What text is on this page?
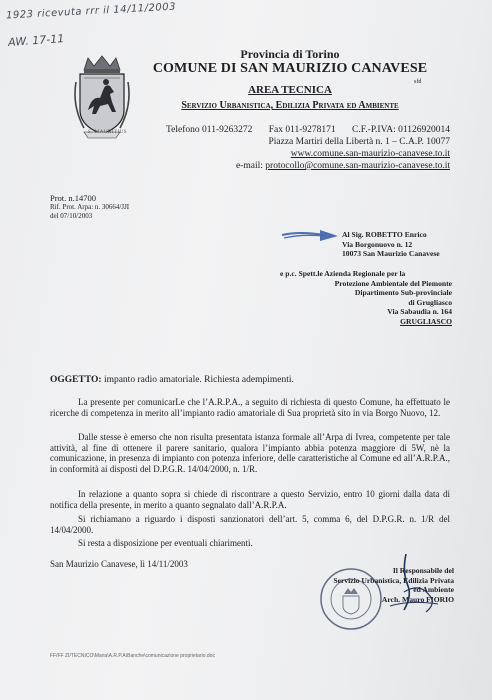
1923 ricevuta rrr il 14/11/2003
AW. 17-11
S. MAURITIUS
Provincia di Torino
COMUNE DI SAN MAURIZIO CANAVESE
sfd
AREA TECNICA
Servizio Urbanistica, Edilizia Privata ed Ambiente
Telefono 011-9263272 Fax 011-9278171 C.F.-P.IVA: 01126920014
Piazza Martiri della Libertà n. 1 – C.A.P. 10077
www.comune.san-maurizio-canavese.to.it
e-mail: protocollo@comune.san-maurizio-canavese.to.it
Prot. n.14700
Rif. Prot. Arpa: n. 30664/JJI
del 07/10/2003
Al Sig. ROBETTO Enrico
Via Borgonuovo n. 12
10073 San Maurizio Canavese
e p.c. Spett.le Azienda Regionale per la
Protezione Ambientale del Piemonte
Dipartimento Sub-provinciale
di Grugliasco
Via Sabaudia n. 164
GRUGLIASCO
OGGETTO: impanto radio amatoriale. Richiesta adempimenti.
La presente per comunicarLe che l’A.R.P.A., a seguito di richiesta di questo Comune, ha effettuato le ricerche di competenza in merito all’impianto radio amatoriale di Sua proprietà sito in via Borgo Nuovo, 12.
Dalle stesse è emerso che non risulta presentata istanza formale all’Arpa di Ivrea, competente per tale attività, al fine di ottenere il parere sanitario, qualora l’impianto abbia potenza maggiore di 5W, nè la comunicazione, in presenza di impianto con potenza inferiore, delle caratteristiche al Comune ed all’A.R.P.A., in conformità ai disposti del D.P.G.R. 14/04/2000, n. 1/R.
In relazione a quanto sopra si chiede di riscontrare a questo Servizio, entro 10 giorni dalla data di notifica della presente, in merito a quanto segnalato dall’A.R.P.A.
Si richiamano a riguardo i disposti sanzionatori dell’art. 5, comma 6, del D.P.G.R. n. 1/R del 14/04/2000.
Si resta a disposizione per eventuali chiarimenti.
San Maurizio Canavese, lì 14/11/2003
Il Responsabile del
Servizio Urbanistica, Edilizia Privata
ed Ambiente
Arch. Mauro FIORIO
FF/FF ZI/TECNICO\Maria\A.R.P.A\Banche\comunicazione proprietario.doc
